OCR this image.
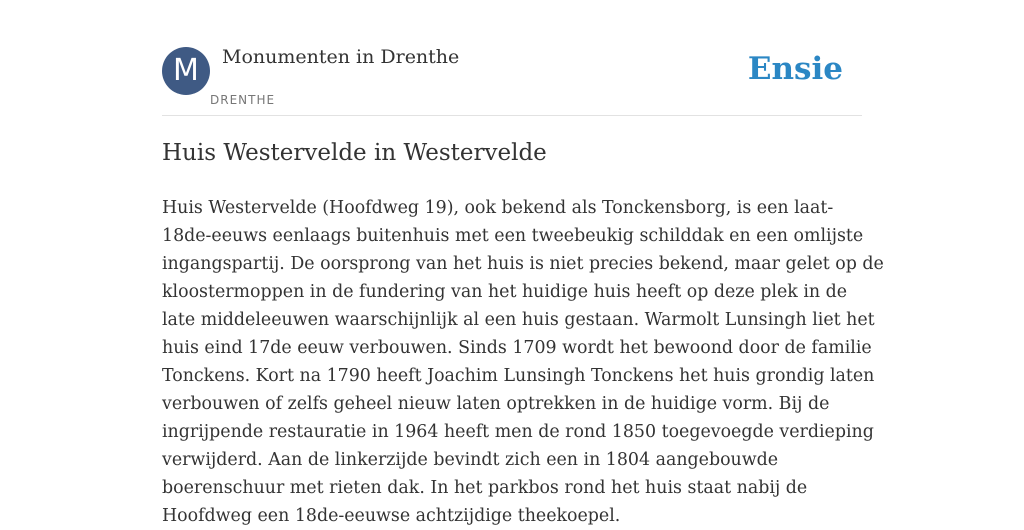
M	Monumenten in Drenthe
DRENTHE
Ensie
Huis Westervelde in Westervelde
Huis Westervelde (Hoofdweg 19), ook bekend als Tonckensborg, is een laat-
18de-eeuws eenlaags buitenhuis met een tweebeukig schilddak en een omlijste
ingangspartij. De oorsprong van het huis is niet precies bekend, maar gelet op de
kloostermoppen in de fundering van het huidige huis heeft op deze plek in de
late middeleeuwen waarschijnlijk al een huis gestaan. Warmolt Lunsingh liet het
huis eind 17de eeuw verbouwen. Sinds 1709 wordt het bewoond door de familie
Tonckens. Kort na 1790 heeft Joachim Lunsingh Tonckens het huis grondig laten
verbouwen of zelfs geheel nieuw laten optrekken in de huidige vorm. Bij de
ingrijpende restauratie in 1964 heeft men de rond 1850 toegevoegde verdieping
verwijderd. Aan de linkerzijde bevindt zich een in 1804 aangebouwde
boerenschuur met rieten dak. In het parkbos rond het huis staat nabij de
Hoofdweg een 18de-eeuwse achtzijdige theekoepel.
